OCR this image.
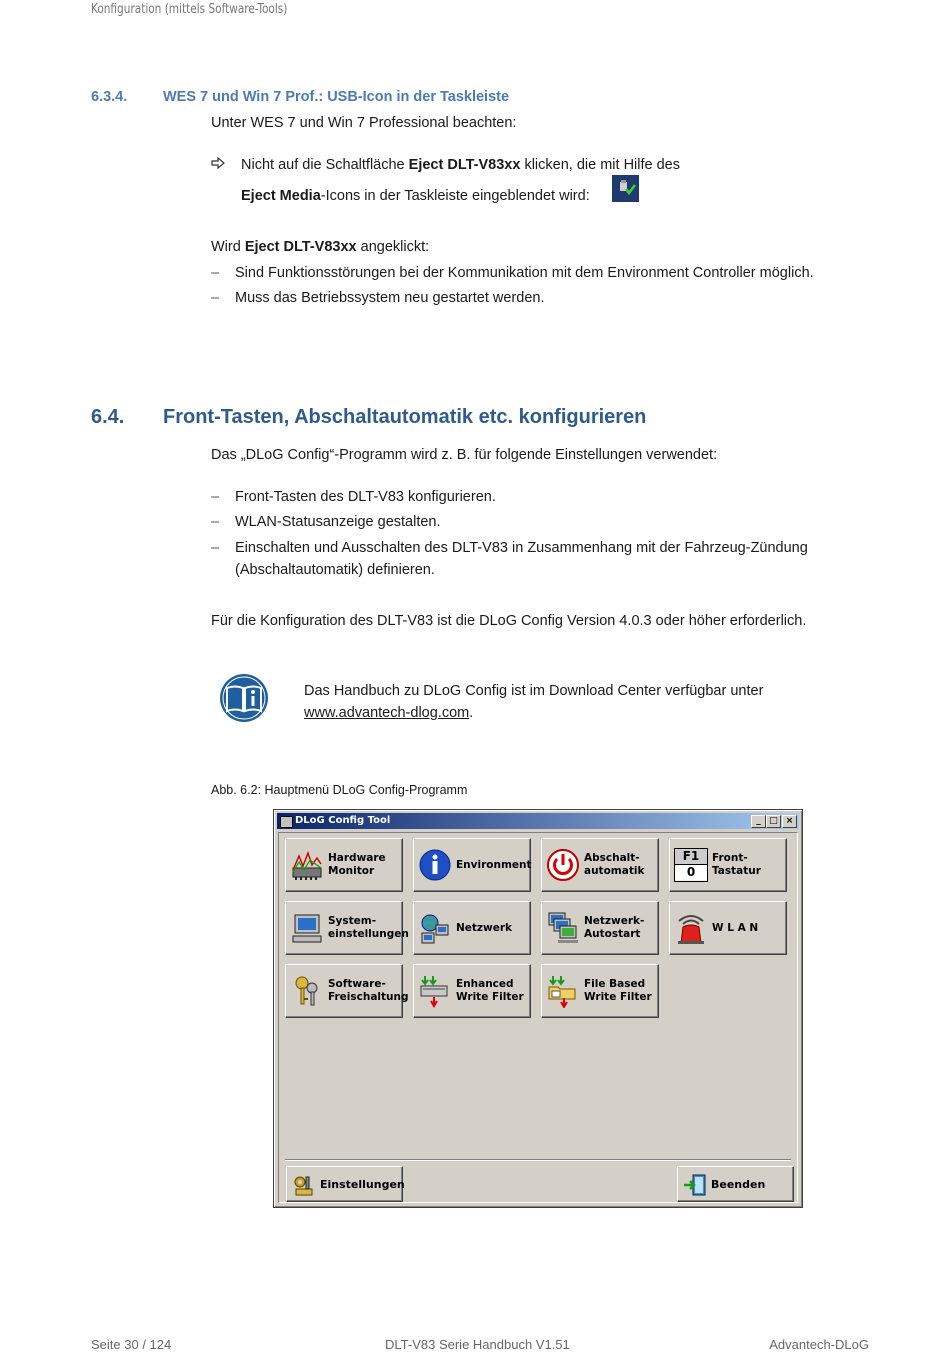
Konfiguration (mittels Software-Tools)
6.3.4. WES 7 und Win 7 Prof.: USB-Icon in der Taskleiste
Unter WES 7 und Win 7 Professional beachten:
Nicht auf die Schaltfläche Eject DLT-V83xx klicken, die mit Hilfe des
Eject Media-Icons in der Taskleiste eingeblendet wird:
Wird Eject DLT-V83xx angeklickt:
– Sind Funktionsstörungen bei der Kommunikation mit dem Environment Controller möglich.
– Muss das Betriebssystem neu gestartet werden.
6.4. Front-Tasten, Abschaltautomatik etc. konfigurieren
Das „DLoG Config“-Programm wird z. B. für folgende Einstellungen verwendet:
– Front-Tasten des DLT-V83 konfigurieren.
– WLAN-Statusanzeige gestalten.
– Einschalten und Ausschalten des DLT-V83 in Zusammenhang mit der Fahrzeug-Zündung
(Abschaltautomatik) definieren.
Für die Konfiguration des DLT-V83 ist die DLoG Config Version 4.0.3 oder höher erforderlich.
Das Handbuch zu DLoG Config ist im Download Center verfügbar unter
www.advantech-dlog.com.
Abb. 6.2: Hauptmenü DLoG Config-Programm
DLoG Config Tool	_ □ ×
Hardware
Monitor
Environment
Abschalt-
automatik
F1
0
Front-
Tastatur
System-
einstellungen
Netzwerk
Netzwerk-
Autostart
W L A N
Software-
Freischaltung
Enhanced
Write Filter
File Based
Write Filter
Einstellungen	Beenden
Seite 30 / 124	DLT-V83 Serie Handbuch V1.51	Advantech-DLoG
